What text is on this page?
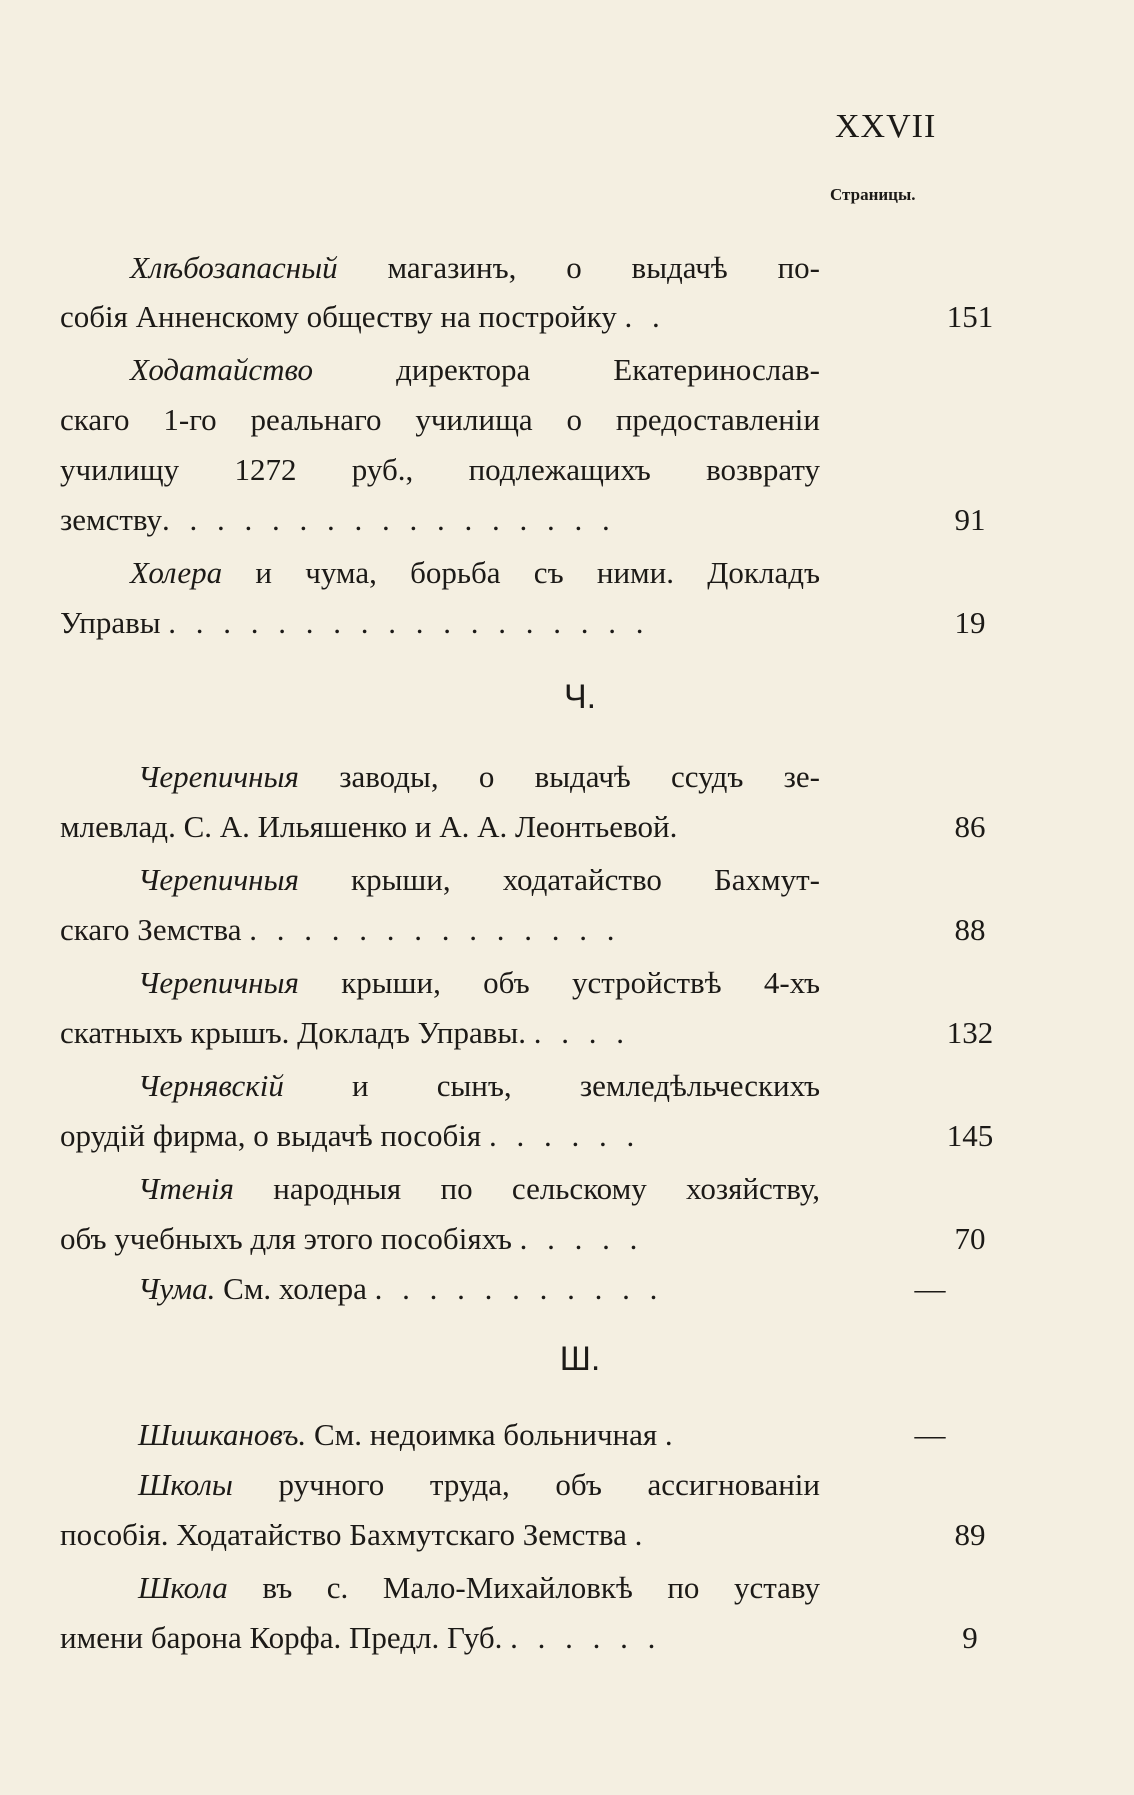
XXVII
Страницы.
Хлѣбозапасный магазинъ, о выдачѣ по-
собія Анненскому обществу на постройку . .	151
Ходатайство	директора Екатеринослав-
скаго 1-го реальнаго училища о предоставленіи
училищу 1272 руб., подлежащихъ возврату
земству. . . . . . . . . . . . . . . . .	91
Холера и чума, борьба съ ними. Докладъ
Управы . . . . . . . . . . . . . . . . . .	19
Ч.
Черепичныя заводы, о выдачѣ ссудъ зе-
млевлад. С. А. Ильяшенко и А. А. Леонтьевой.	86
Черепичныя крыши, ходатайство Бахмут-
скаго Земства . . . . . . . . . . . . . .	88
Черепичныя крыши, объ устройствѣ 4-хъ
скатныхъ крышъ. Докладъ Управы. . . . .	132
Чернявскій и сынъ, земледѣльческихъ
орудій фирма, о выдачѣ пособія . . . . . .	145
Чтенія народныя по сельскому хозяйству,
объ учебныхъ для этого пособіяхъ . . . . .	70
Чума. См. холера . . . . . . . . . . .	—
Ш.
Шишкановъ. См. недоимка больничная .	—
Школы ручного труда, объ ассигнованіи
пособія. Ходатайство Бахмутскаго Земства .	89
Школа въ с. Мало-Михайловкѣ по уставу
имени барона Корфа. Предл. Губ. . . . . . .	9
